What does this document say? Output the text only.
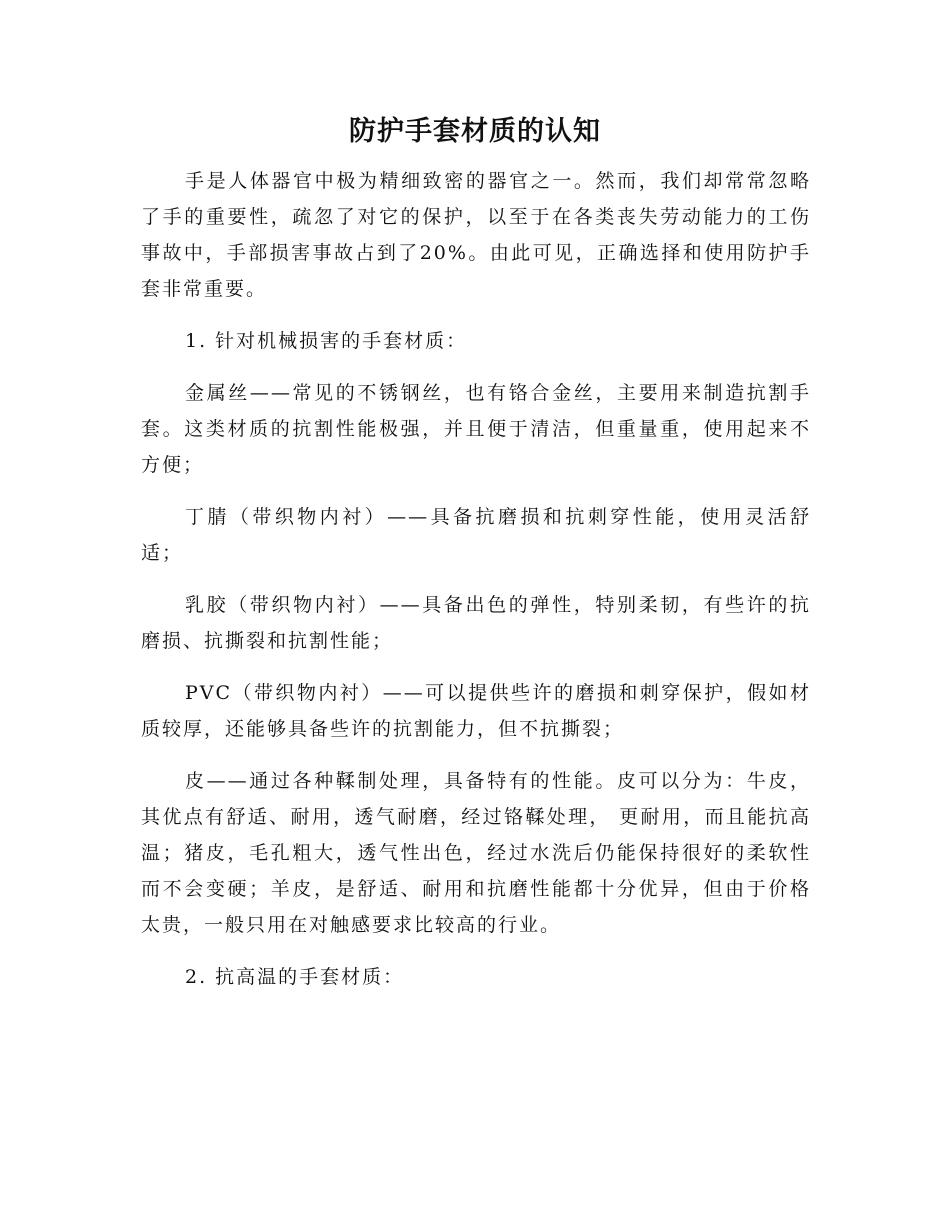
防护手套材质的认知

手是人体器官中极为精细致密的器官之一。然而，我们却常常忽略了手的重要性，疏忽了对它的保护，以至于在各类丧失劳动能力的工伤事故中，手部损害事故占到了20%。由此可见，正确选择和使用防护手套非常重要。

1. 针对机械损害的手套材质：

金属丝——常见的不锈钢丝，也有铬合金丝，主要用来制造抗割手套。这类材质的抗割性能极强，并且便于清洁，但重量重，使用起来不方便；

丁腈（带织物内衬）——具备抗磨损和抗刺穿性能，使用灵活舒适；

乳胶（带织物内衬）——具备出色的弹性，特别柔韧，有些许的抗磨损、抗撕裂和抗割性能；

PVC（带织物内衬）——可以提供些许的磨损和刺穿保护，假如材质较厚，还能够具备些许的抗割能力，但不抗撕裂；

皮——通过各种鞣制处理，具备特有的性能。皮可以分为：牛皮，其优点有舒适、耐用，透气耐磨，经过铬鞣处理， 更耐用，而且能抗高温；猪皮，毛孔粗大，透气性出色，经过水洗后仍能保持很好的柔软性而不会变硬；羊皮，是舒适、耐用和抗磨性能都十分优异，但由于价格太贵，一般只用在对触感要求比较高的行业。

2. 抗高温的手套材质：
